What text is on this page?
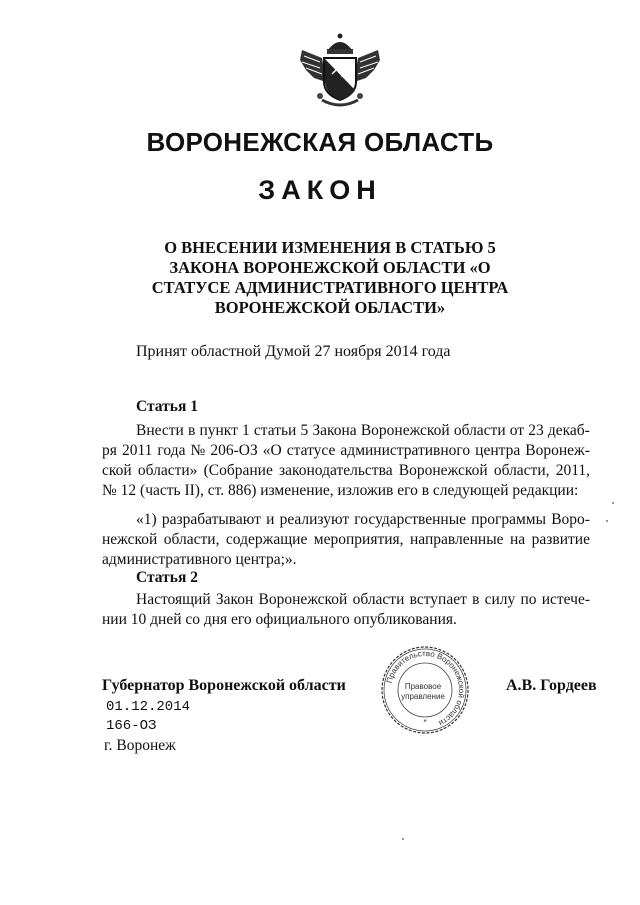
ВОРОНЕЖСКАЯ ОБЛАСТЬ
ЗАКОН
О ВНЕСЕНИИ ИЗМЕНЕНИЯ В СТАТЬЮ 5
ЗАКОНА ВОРОНЕЖСКОЙ ОБЛАСТИ «О
СТАТУСЕ АДМИНИСТРАТИВНОГО ЦЕНТРА
ВОРОНЕЖСКОЙ ОБЛАСТИ»
Принят областной Думой 27 ноября 2014 года
Статья 1
Внести в пункт 1 статьи 5 Закона Воронежской области от 23 декаб-
ря 2011 года № 206-ОЗ «О статусе административного центра Воронеж-
ской области» (Собрание законодательства Воронежской области, 2011,
№ 12 (часть II), ст. 886) изменение, изложив его в следующей редакции:
«1) разрабатывают и реализуют государственные программы Воро-
нежской области, содержащие мероприятия, направленные на развитие
административного центра;».
Статья 2
Настоящий Закон Воронежской области вступает в силу по истече-
нии 10 дней со дня его официального опубликования.
Губернатор Воронежской области	А.В. Гордеев
01.12.2014
166-ОЗ
г. Воронеж
Правительство Воронежской области
*
Правовое
управление
